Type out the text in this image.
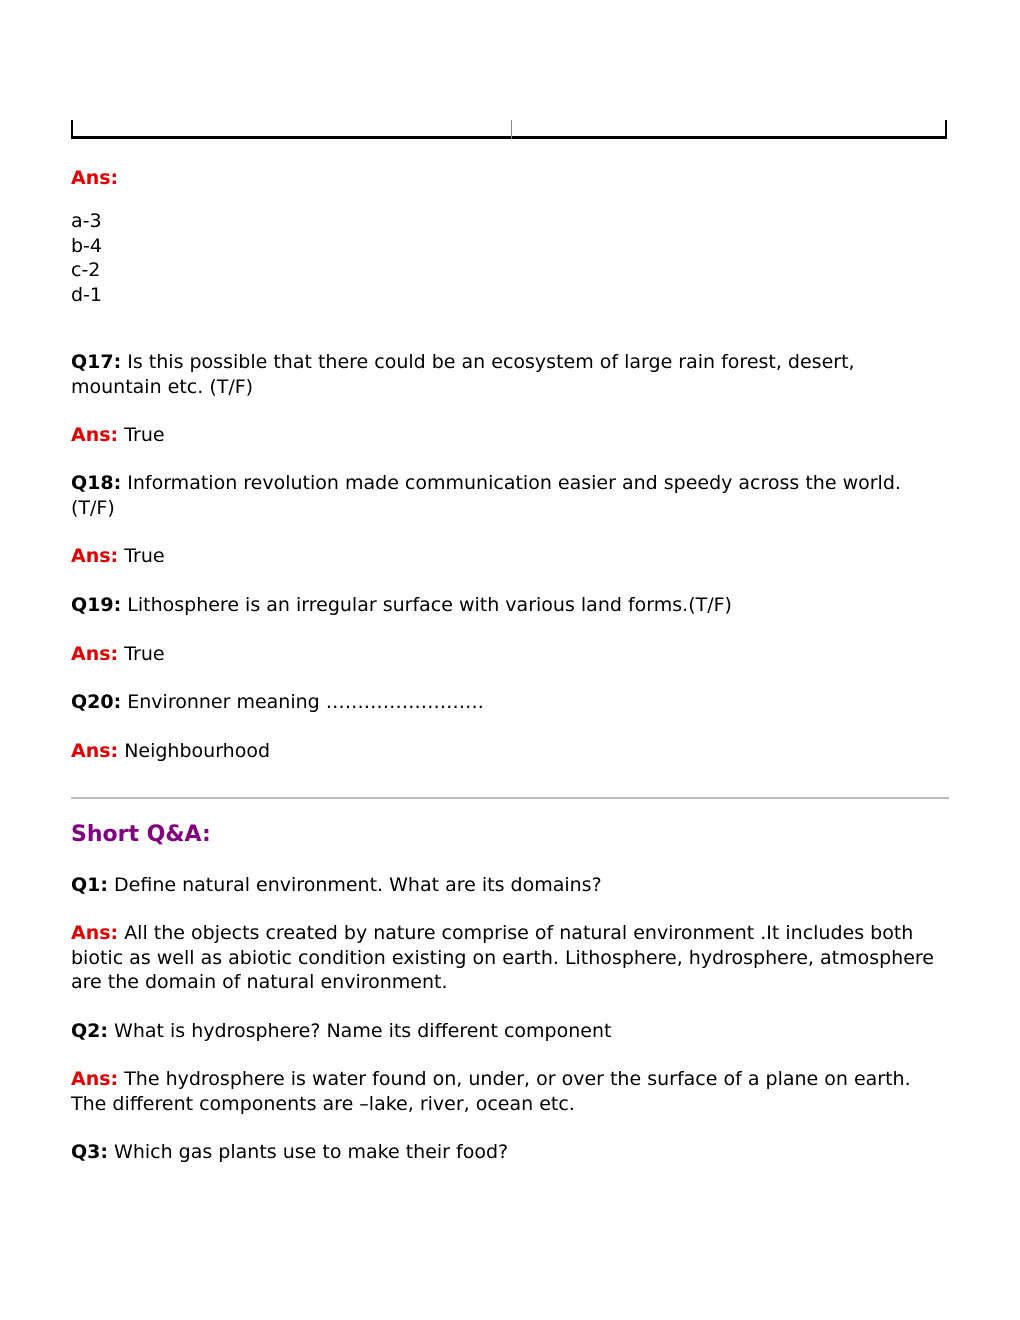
Ans:
a-3
b-4
c-2
d-1
Q17: Is this possible that there could be an ecosystem of large rain forest, desert, mountain etc. (T/F)
Ans: True
Q18: Information revolution made communication easier and speedy across the world. (T/F)
Ans: True
Q19: Lithosphere is an irregular surface with various land forms.(T/F)
Ans: True
Q20: Environner meaning …………………….
Ans: Neighbourhood
Short Q&A:
Q1: Define natural environment. What are its domains?
Ans: All the objects created by nature comprise of natural environment .It includes both biotic as well as abiotic condition existing on earth. Lithosphere, hydrosphere, atmosphere are the domain of natural environment.
Q2: What is hydrosphere? Name its different component
Ans: The hydrosphere is water found on, under, or over the surface of a plane on earth. The different components are –lake, river, ocean etc.
Q3: Which gas plants use to make their food?
